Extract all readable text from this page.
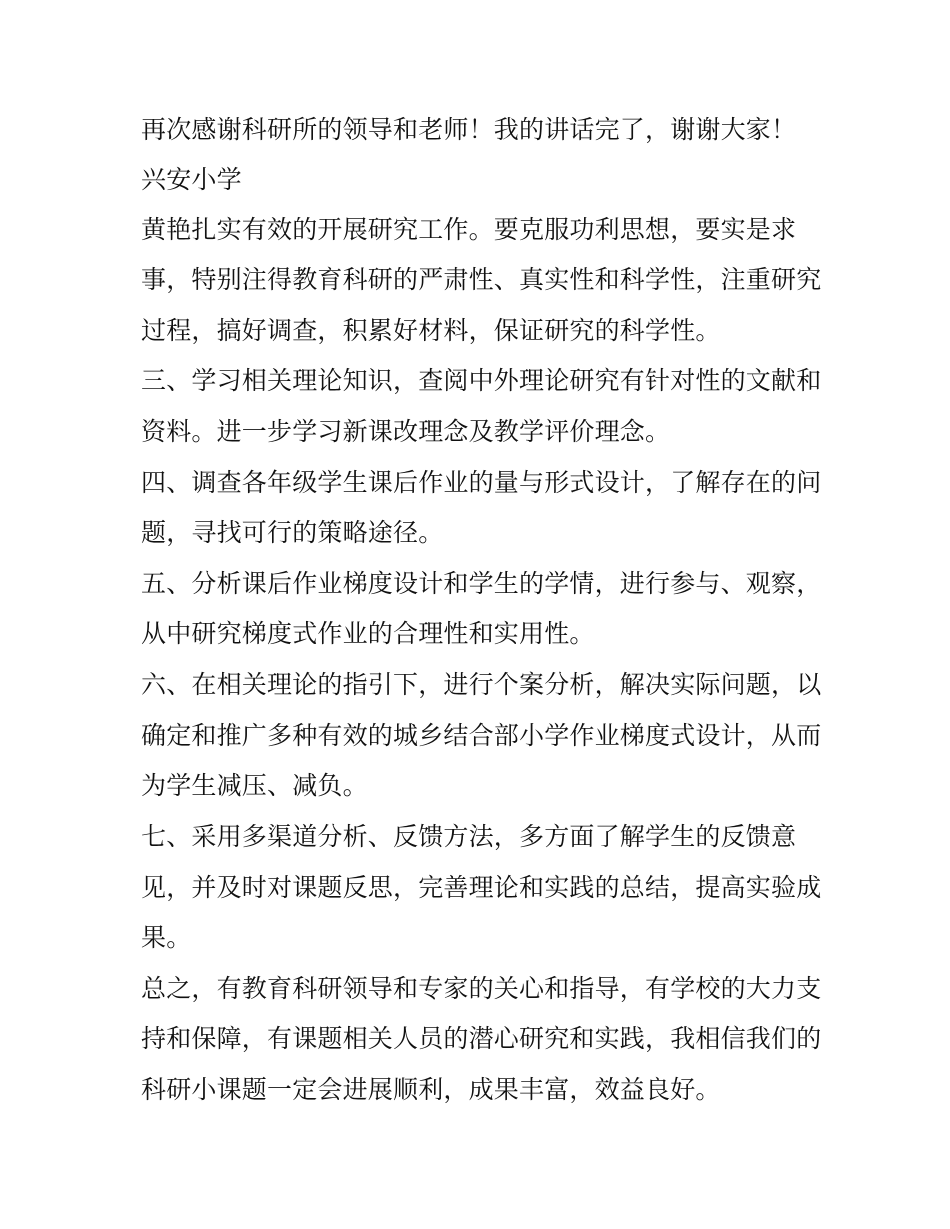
再次感谢科研所的领导和老师！我的讲话完了，谢谢大家！
兴安小学
黄艳扎实有效的开展研究工作。要克服功利思想，要实是求
事，特别注得教育科研的严肃性、真实性和科学性，注重研究
过程，搞好调查，积累好材料，保证研究的科学性。
三、学习相关理论知识，查阅中外理论研究有针对性的文献和
资料。进一步学习新课改理念及教学评价理念。
四、调查各年级学生课后作业的量与形式设计，了解存在的问
题，寻找可行的策略途径。
五、分析课后作业梯度设计和学生的学情，进行参与、观察，
从中研究梯度式作业的合理性和实用性。
六、在相关理论的指引下，进行个案分析，解决实际问题，以
确定和推广多种有效的城乡结合部小学作业梯度式设计，从而
为学生减压、减负。
七、采用多渠道分析、反馈方法，多方面了解学生的反馈意
见，并及时对课题反思，完善理论和实践的总结，提高实验成
果。
总之，有教育科研领导和专家的关心和指导，有学校的大力支
持和保障，有课题相关人员的潜心研究和实践，我相信我们的
科研小课题一定会进展顺利，成果丰富，效益良好。
